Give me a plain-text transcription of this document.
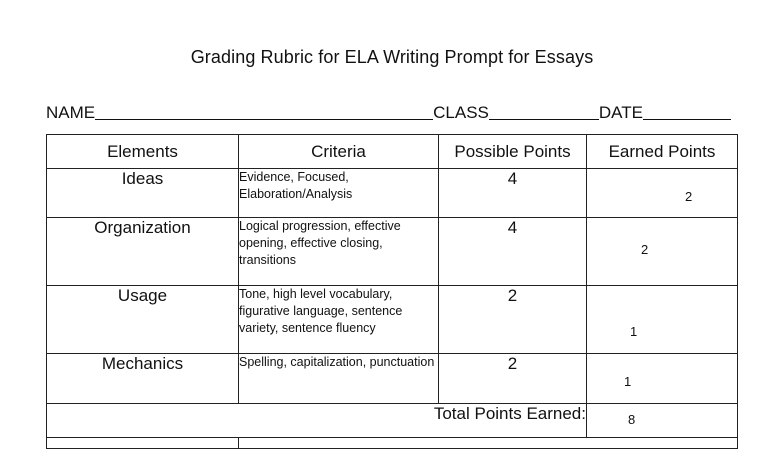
Grading Rubric for ELA Writing Prompt for Essays
NAME	CLASS	DATE
Elements	Criteria	Possible Points	Earned Points
Ideas	Evidence, Focused, Elaboration/Analysis	4	2

Organization	Logical progression, effective opening, effective closing, transitions	4	2

Usage	Tone, high level vocabulary, figurative language, sentence variety, sentence fluency	2	1

Mechanics	Spelling, capitalization, punctuation	2	1

Total Points Earned:			8
